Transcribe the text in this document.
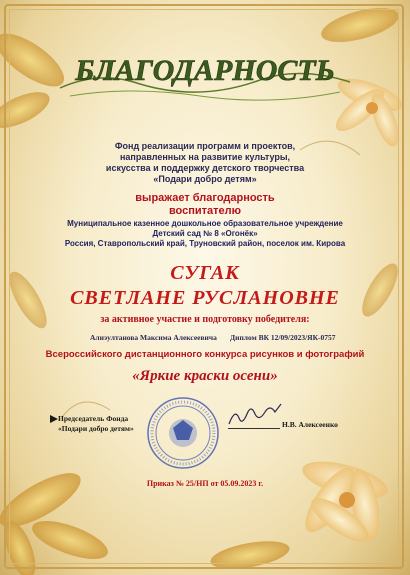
БЛАГОДАРНОСТЬ
Фонд реализации программ и проектов,
направленных на развитие культуры,
искусства и поддержку детского творчества
«Подари добро детям»
выражает благодарность
воспитателю
Муниципальное казенное дошкольное образовательное учреждение
Детский сад № 8 «Огонёк»
Россия, Ставропольский край, Труновский район, поселок им. Кирова
СУГАК
СВЕТЛАНЕ РУСЛАНОВНЕ
за активное участие и подготовку победителя:
Алиэултанова Максима Алексеевича Диплом ВК 12/09/2023/ЯК-0757
Всероссийского дистанционного конкурса рисунков и фотографий
«Яркие краски осени»
Председатель Фонда
«Подари добро детям»	Н.В. Алексеенко
Приказ № 25/НП от 05.09.2023 г.
